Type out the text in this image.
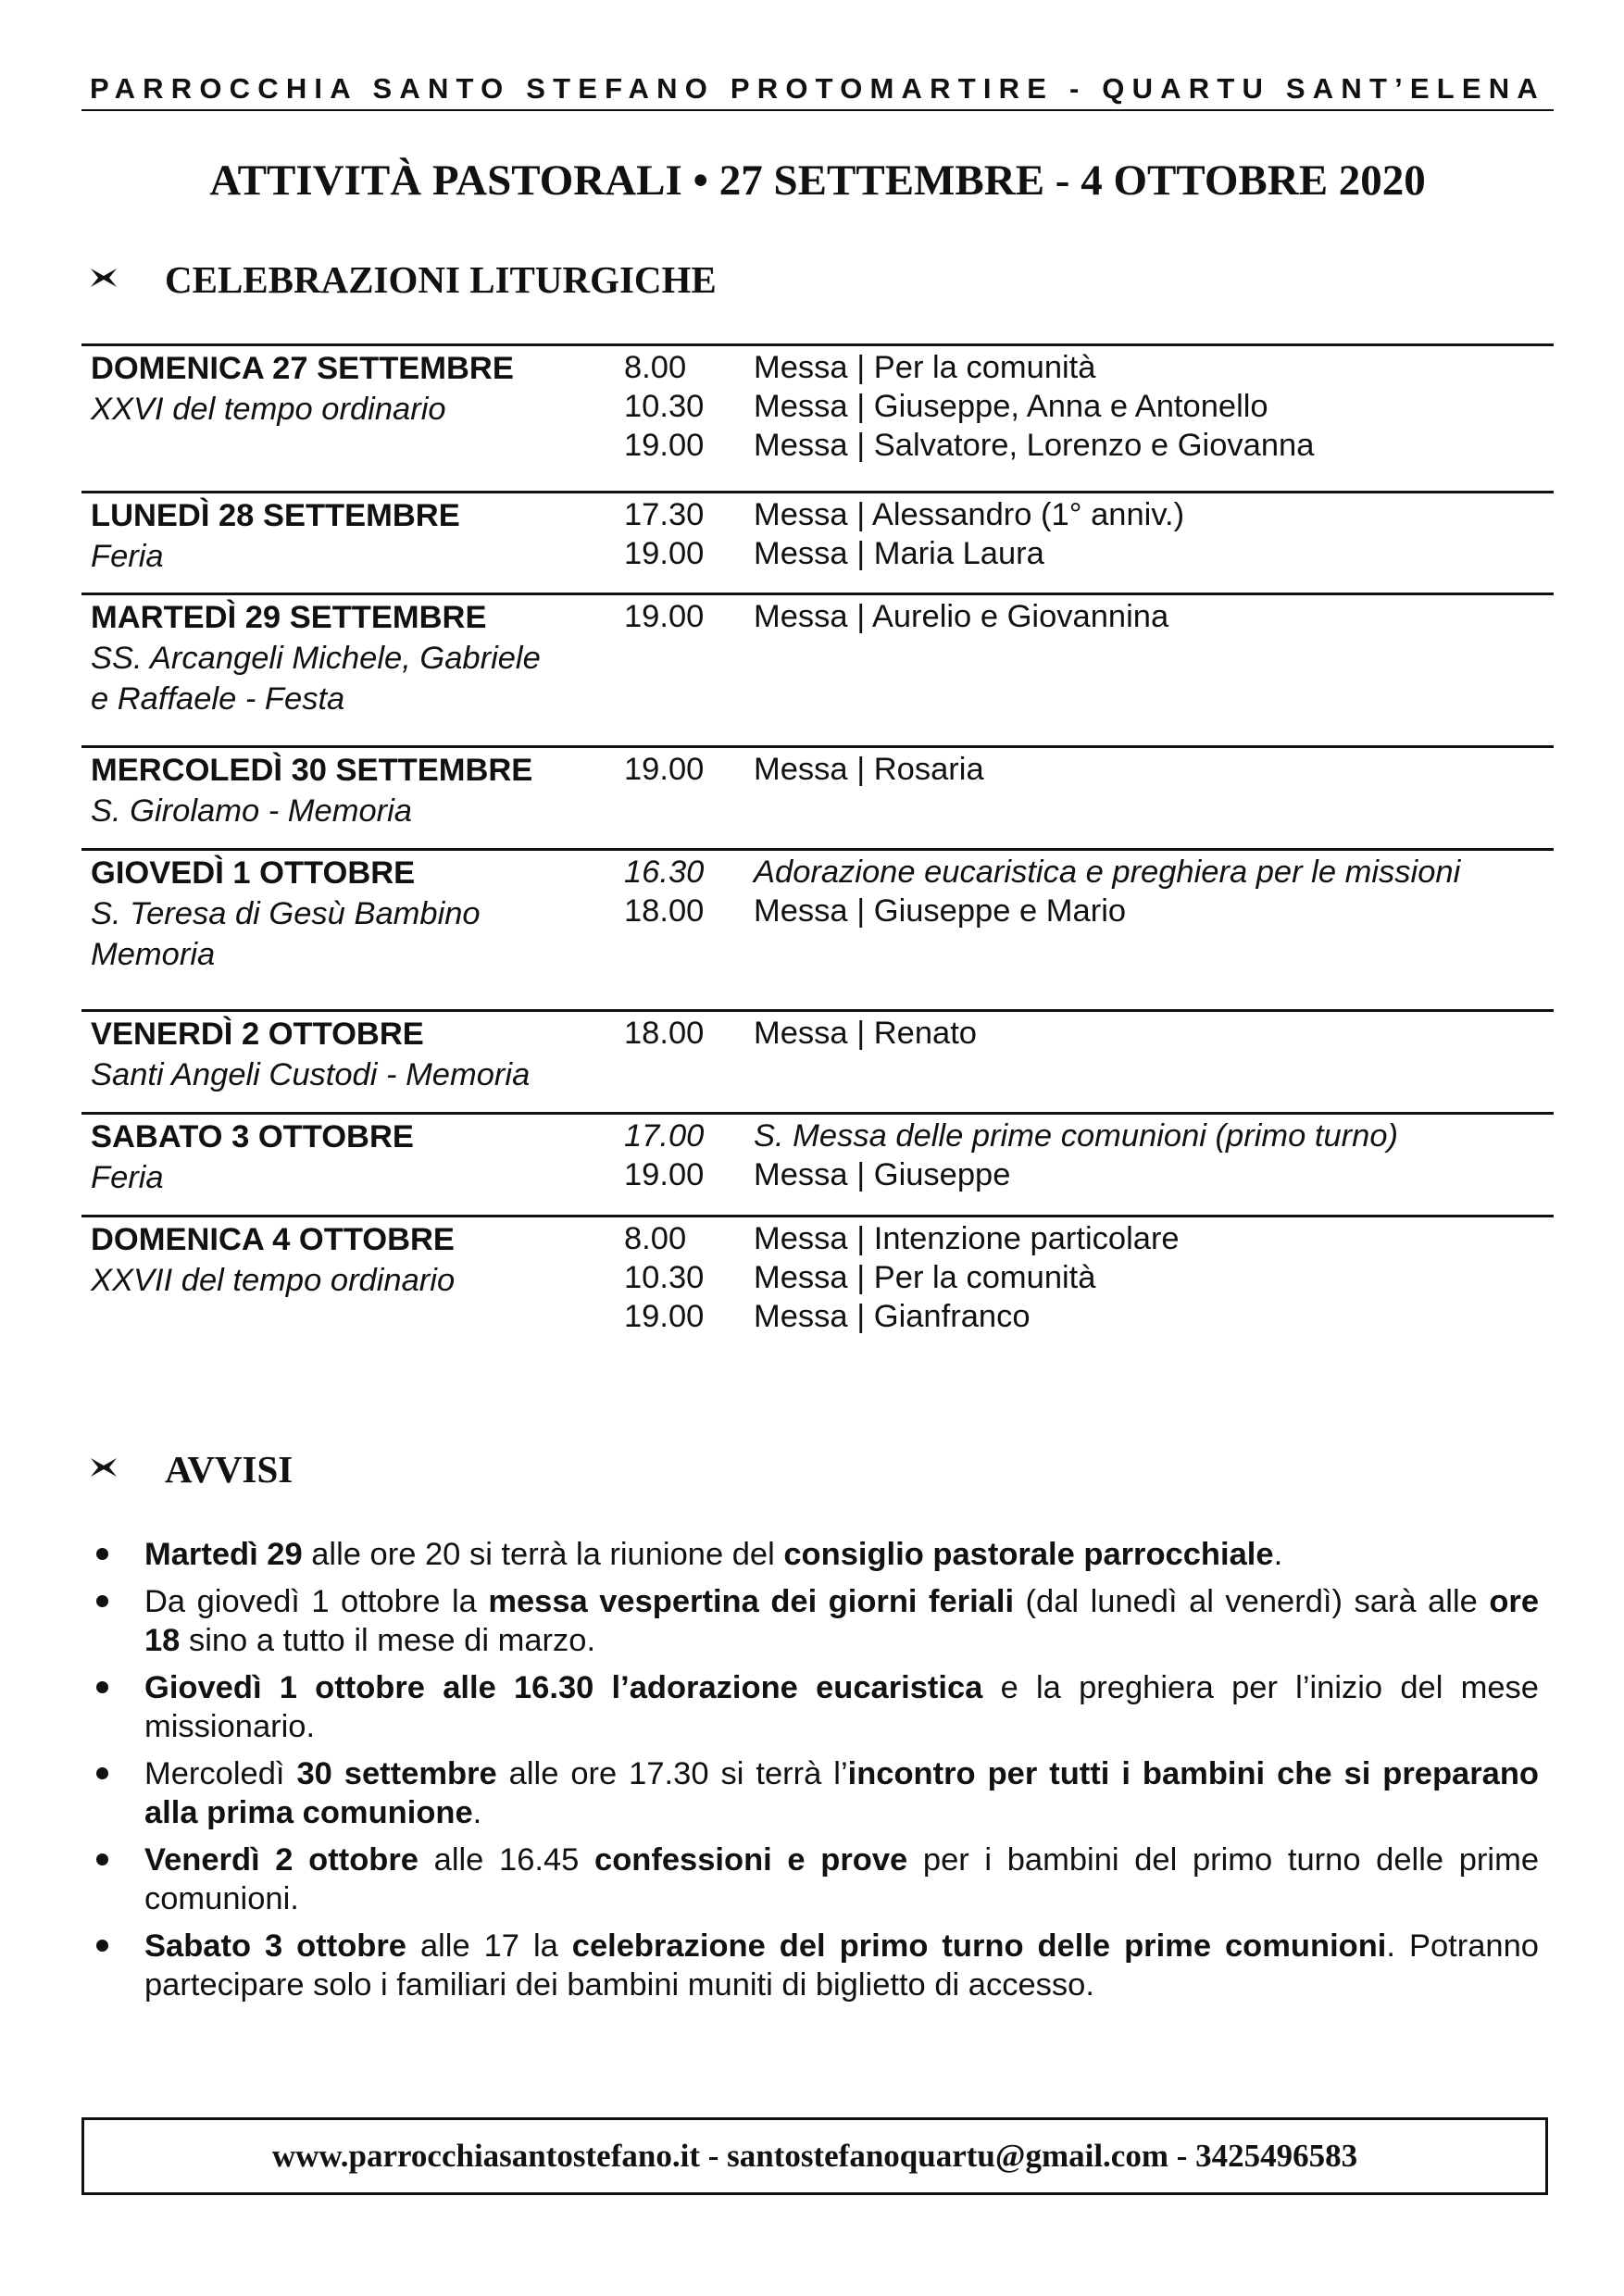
PARROCCHIA SANTO STEFANO PROTOMARTIRE - QUARTU SANT’ELENA
ATTIVITÀ PASTORALI • 27 SETTEMBRE - 4 OTTOBRE 2020
CELEBRAZIONI LITURGICHE
DOMENICA 27 SETTEMBRE
XXVI del tempo ordinario
8.00 Messa | Per la comunità
10.30 Messa | Giuseppe, Anna e Antonello
19.00 Messa | Salvatore, Lorenzo e Giovanna
LUNEDÌ 28 SETTEMBRE
Feria
17.30 Messa | Alessandro (1° anniv.)
19.00 Messa | Maria Laura
MARTEDÌ 29 SETTEMBRE
SS. Arcangeli Michele, Gabriele
e Raffaele - Festa
19.00 Messa | Aurelio e Giovannina
MERCOLEDÌ 30 SETTEMBRE
S. Girolamo - Memoria
19.00 Messa | Rosaria
GIOVEDÌ 1 OTTOBRE
S. Teresa di Gesù Bambino
Memoria
16.30 Adorazione eucaristica e preghiera per le missioni
18.00 Messa | Giuseppe e Mario
VENERDÌ 2 OTTOBRE
Santi Angeli Custodi - Memoria
18.00 Messa | Renato
SABATO 3 OTTOBRE
Feria
17.00 S. Messa delle prime comunioni (primo turno)
19.00 Messa | Giuseppe
DOMENICA 4 OTTOBRE
XXVII del tempo ordinario
8.00 Messa | Intenzione particolare
10.30 Messa | Per la comunità
19.00 Messa | Gianfranco
AVVISI
Martedì 29 alle ore 20 si terrà la riunione del consiglio pastorale parrocchiale.
Da giovedì 1 ottobre la messa vespertina dei giorni feriali (dal lunedì al venerdì) sarà alle ore 18 sino a tutto il mese di marzo.
Giovedì 1 ottobre alle 16.30 l’adorazione eucaristica e la preghiera per l’inizio del mese missionario.
Mercoledì 30 settembre alle ore 17.30 si terrà l’incontro per tutti i bambini che si preparano alla prima comunione.
Venerdì 2 ottobre alle 16.45 confessioni e prove per i bambini del primo turno delle prime comunioni.
Sabato 3 ottobre alle 17 la celebrazione del primo turno delle prime comunioni. Potranno partecipare solo i familiari dei bambini muniti di biglietto di accesso.
www.parrocchiasantostefano.it - santostefanoquartu@gmail.com - 3425496583
